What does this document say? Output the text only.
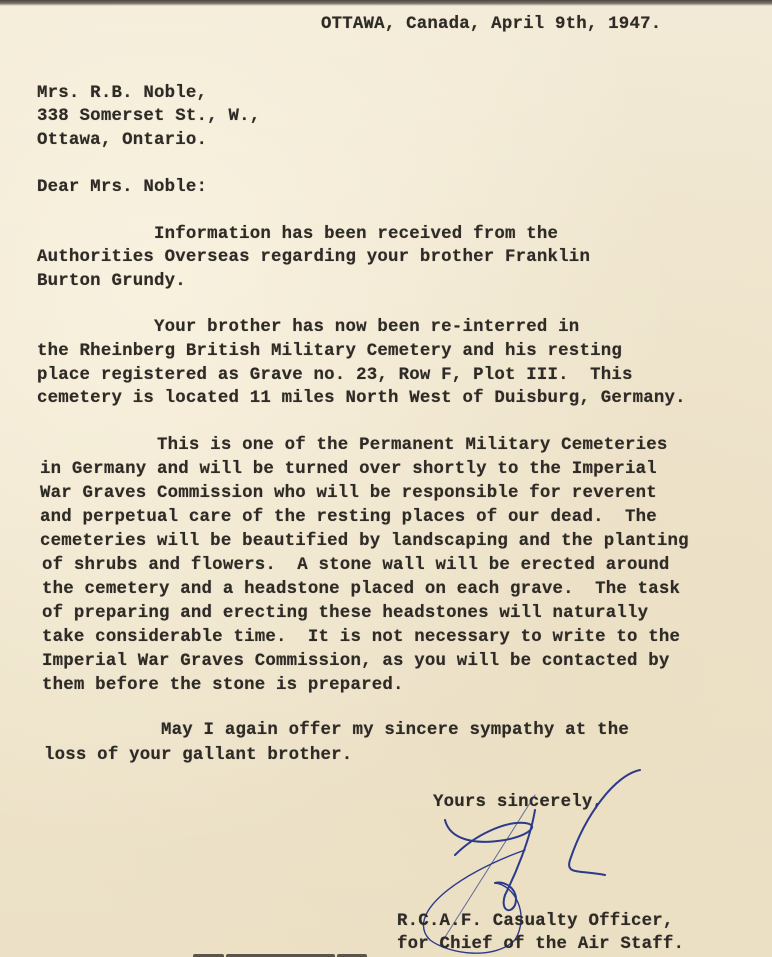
OTTAWA, Canada, April 9th, 1947.
Mrs. R.B. Noble,
338 Somerset St., W.,
Ottawa, Ontario.
Dear Mrs. Noble:
Information has been received from the
Authorities Overseas regarding your brother Franklin
Burton Grundy.
Your brother has now been re-interred in
the Rheinberg British Military Cemetery and his resting
place registered as Grave no. 23, Row F, Plot III.  This
cemetery is located 11 miles North West of Duisburg, Germany.
This is one of the Permanent Military Cemeteries
in Germany and will be turned over shortly to the Imperial
War Graves Commission who will be responsible for reverent
and perpetual care of the resting places of our dead.  The
cemeteries will be beautified by landscaping and the planting
of shrubs and flowers.  A stone wall will be erected around
the cemetery and a headstone placed on each grave.  The task
of preparing and erecting these headstones will naturally
take considerable time.  It is not necessary to write to the
Imperial War Graves Commission, as you will be contacted by
them before the stone is prepared.
May I again offer my sincere sympathy at the
loss of your gallant brother.
Yours sincerely,
R.C.A.F. Casualty Officer,
for Chief of the Air Staff.
